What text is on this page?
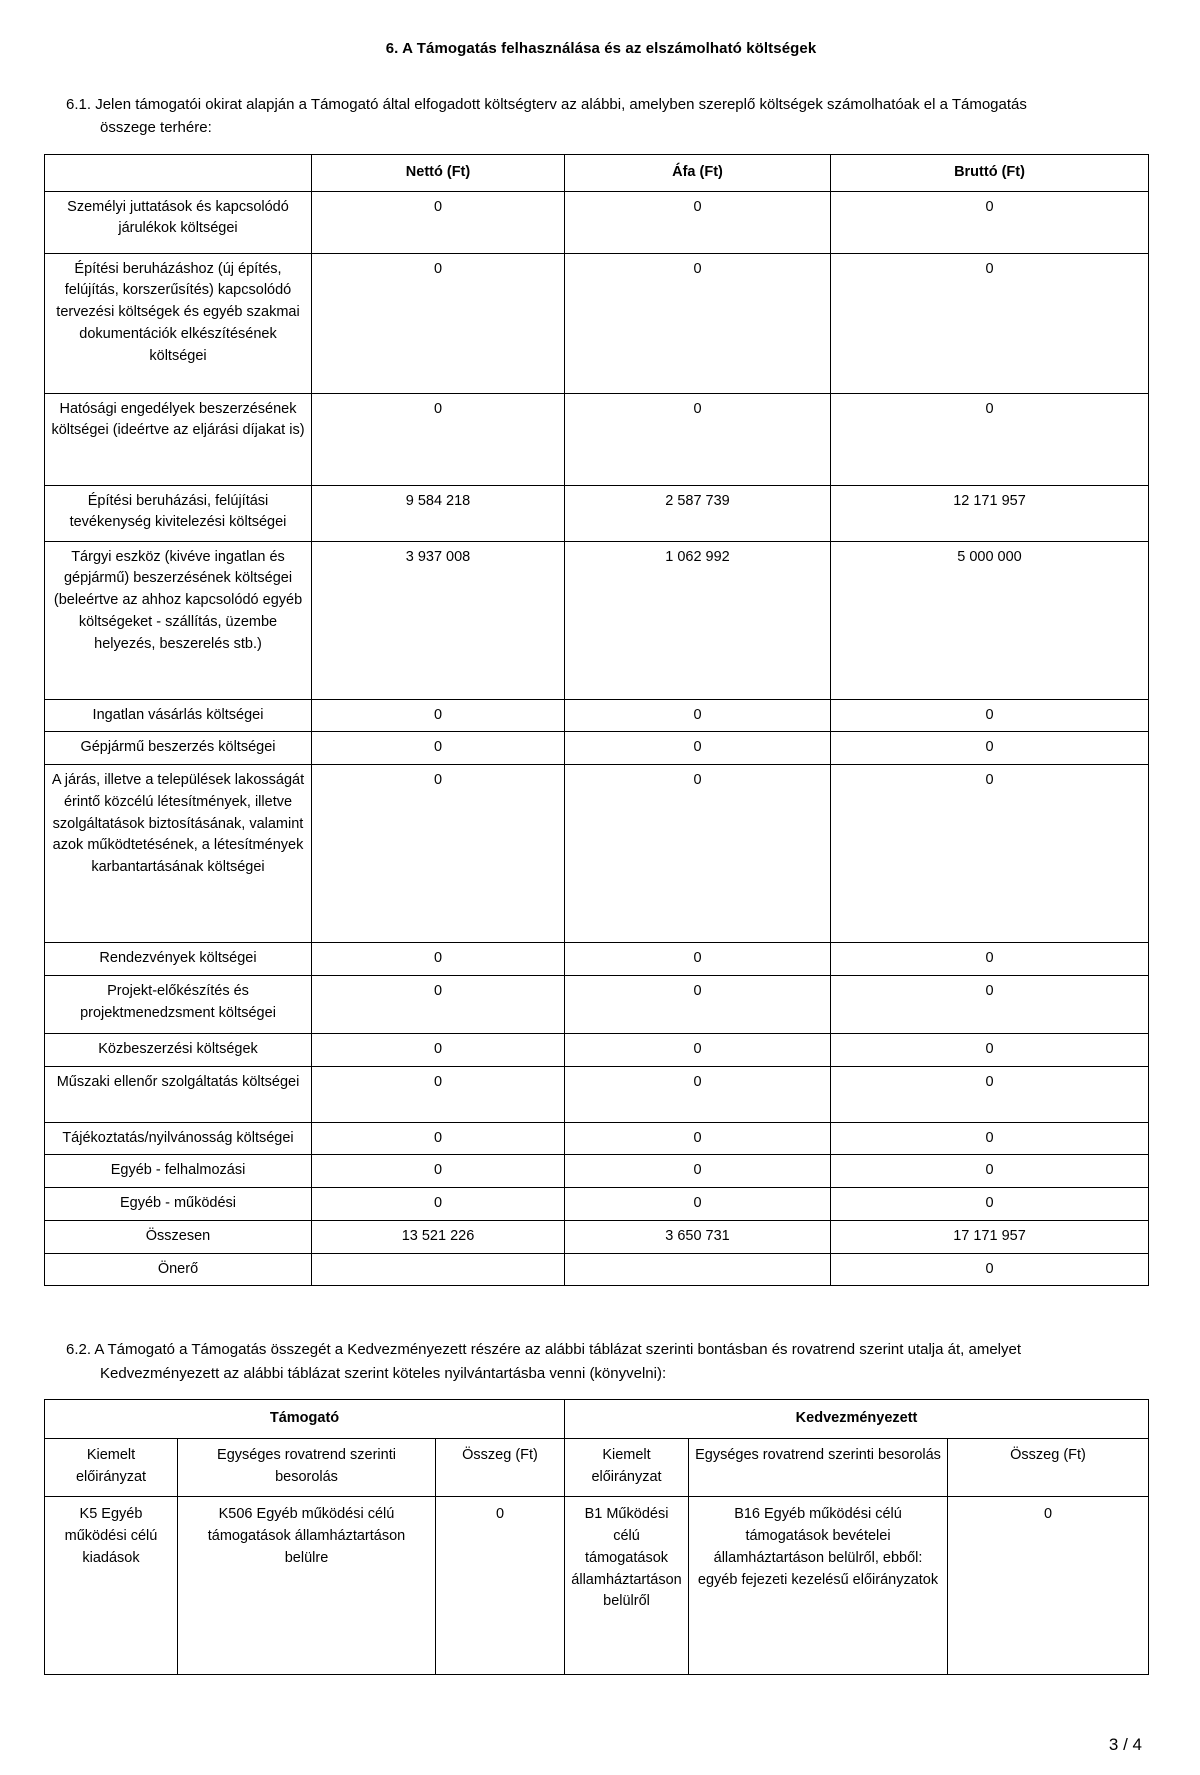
6. A Támogatás felhasználása és az elszámolható költségek
6.1. Jelen támogatói okirat alapján a Támogató által elfogadott költségterv az alábbi, amelyben szereplő költségek számolhatóak el a Támogatás
összege terhére:
	Nettó (Ft)	Áfa (Ft)	Bruttó (Ft)
Személyi juttatások és kapcsolódó járulékok költségei	0	0	0
Építési beruházáshoz (új építés, felújítás, korszerűsítés) kapcsolódó tervezési költségek és egyéb szakmai dokumentációk elkészítésének költségei	0	0	0
Hatósági engedélyek beszerzésének költségei (ideértve az eljárási díjakat is)	0	0	0
Építési beruházási, felújítási tevékenység kivitelezési költségei	9 584 218	2 587 739	12 171 957
Tárgyi eszköz (kivéve ingatlan és gépjármű) beszerzésének költségei (beleértve az ahhoz kapcsolódó egyéb költségeket - szállítás, üzembe helyezés, beszerelés stb.)	3 937 008	1 062 992	5 000 000
Ingatlan vásárlás költségei	0	0	0
Gépjármű beszerzés költségei	0	0	0
A járás, illetve a települések lakosságát érintő közcélú létesítmények, illetve szolgáltatások biztosításának, valamint azok működtetésének, a létesítmények karbantartásának költségei	0	0	0
Rendezvények költségei	0	0	0
Projekt-előkészítés és projektmenedzsment költségei	0	0	0
Közbeszerzési költségek	0	0	0
Műszaki ellenőr szolgáltatás költségei	0	0	0
Tájékoztatás/nyilvánosság költségei	0	0	0
Egyéb - felhalmozási	0	0	0
Egyéb - működési	0	0	0
Összesen	13 521 226	3 650 731	17 171 957
Önerő			0
6.2. A Támogató a Támogatás összegét a Kedvezményezett részére az alábbi táblázat szerinti bontásban és rovatrend szerint utalja át, amelyet
Kedvezményezett az alábbi táblázat szerint köteles nyilvántartásba venni (könyvelni):
Támogató			Kedvezményezett		
Kiemelt előirányzat	Egységes rovatrend szerinti besorolás	Összeg (Ft)	Kiemelt előirányzat	Egységes rovatrend szerinti besorolás	Összeg (Ft)
K5 Egyéb működési célú kiadások	K506 Egyéb működési célú támogatások államháztartáson belülre	0	B1 Működési célú támogatások államháztartáson belülről	B16 Egyéb működési célú támogatások bevételei államháztartáson belülről, ebből: egyéb fejezeti kezelésű előirányzatok	0
3 / 4
